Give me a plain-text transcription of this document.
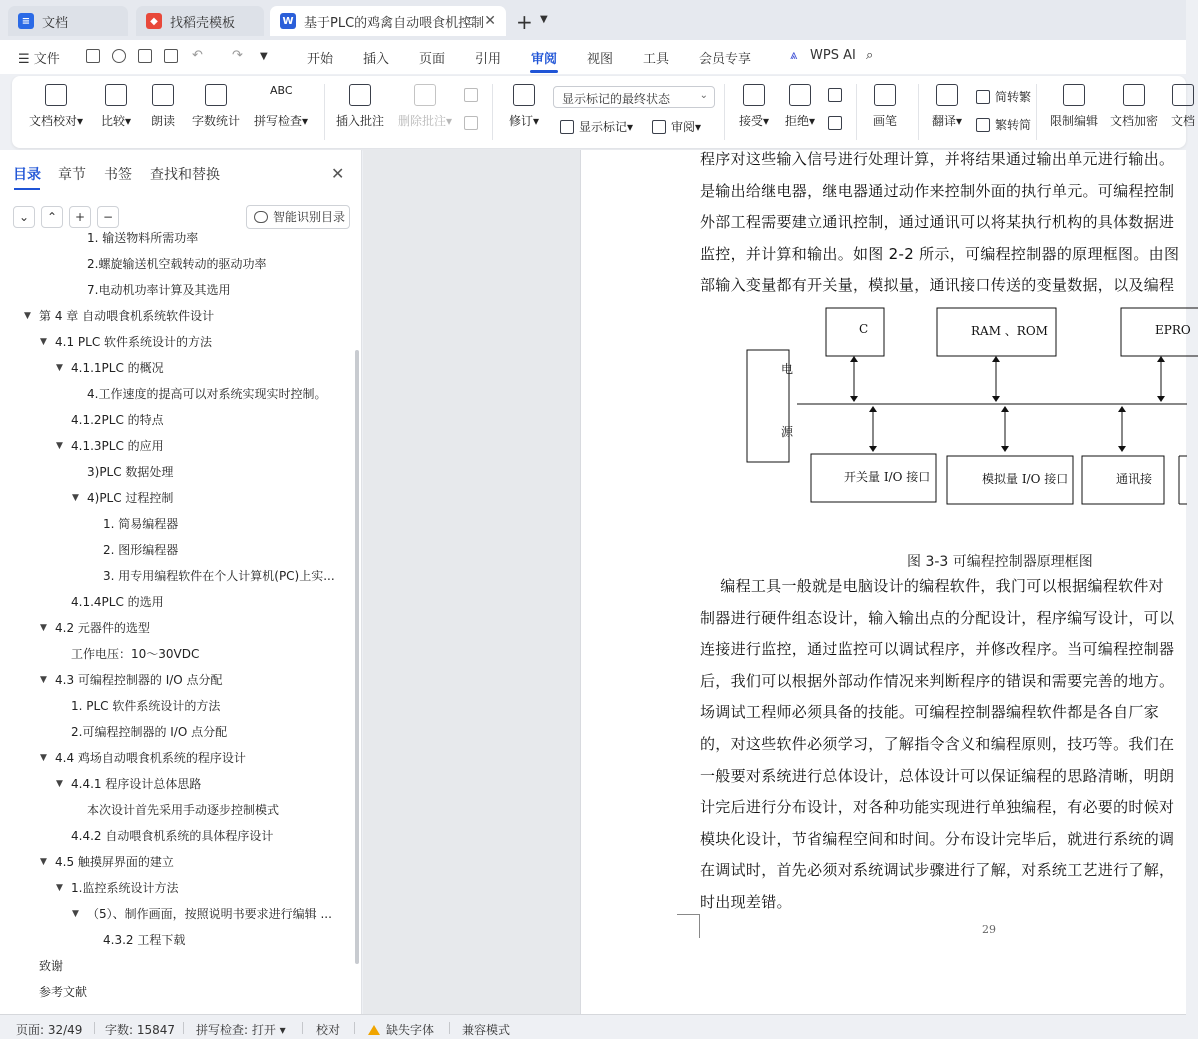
≡ 文档	◆ 找稻壳模板	W 基于PLC的鸡禽自动喂食机控制 ✕ + ▼
☰ 文件	↶ ↷ ▼	开始 插入 页面 引用 审阅 视图 工具 会员专享	⩓ WPS AI ⌕
文档校对▾	比较▾	朗读 字数统计
ABC
拼写检查▾	插入批注	删除批注▾	修订▾
显示标记的最终状态	⌄
显示标记 ▾	审阅 ▾	接受▾	拒绝▾	画笔	翻译▾
简转繁
繁转简 限制编辑 文档加密 文档
目录 章节 书签 查找和替换	✕
⌄	⌃	+	−	智能识别目录
1. 输送物料所需功率
2.螺旋输送机空载转动的驱动功率
7.电动机功率计算及其选用
▼ 第 4 章 自动喂食机系统软件设计
▼ 4.1 PLC 软件系统设计的方法
▼ 4.1.1PLC 的概况
4.工作速度的提高可以对系统实现实时控制。
4.1.2PLC 的特点
▼ 4.1.3PLC 的应用
3)PLC 数据处理
▼ 4)PLC 过程控制
1. 简易编程器
2. 图形编程器
3. 用专用编程软件在个人计算机(PC)上实...
4.1.4PLC 的选用
▼ 4.2 元器件的选型
工作电压：10～30VDC
▼ 4.3 可编程控制器的 I/O 点分配
1. PLC 软件系统设计的方法
2.可编程控制器的 I/O 点分配
▼ 4.4 鸡场自动喂食机系统的程序设计
▼ 4.4.1 程序设计总体思路
本次设计首先采用手动逐步控制模式
4.4.2 自动喂食机系统的具体程序设计
▼ 4.5 触摸屏界面的建立
▼ 1.监控系统设计方法
▼ （5）、制作画面，按照说明书要求进行编辑 ...
4.3.2 工程下载
致谢
参考文献
程序对这些输入信号进行处理计算，并将结果通过输出单元进行输出。
是输出给继电器，继电器通过动作来控制外面的执行单元。可编程控制
外部工程需要建立通讯控制，通过通讯可以将某执行机构的具体数据进
监控，并计算和输出。如图 2-2 所示，可编程控制器的原理框图。由图
部输入变量都有开关量，模拟量，通讯接口传送的变量数据，以及编程
C	RAM 、ROM	EPRO
电
源
开关量 I/O 接口	模拟量 I/O 接口	通讯接
图 3-3 可编程控制器原理框图
编程工具一般就是电脑设计的编程软件，我门可以根据编程软件对
制器进行硬件组态设计，输入输出点的分配设计，程序编写设计，可以
连接进行监控，通过监控可以调试程序，并修改程序。当可编程控制器
后，我们可以根据外部动作情况来判断程序的错误和需要完善的地方。
场调试工程师必须具备的技能。可编程控制器编程软件都是各自厂家
的，对这些软件必须学习，了解指令含义和编程原则，技巧等。我们在
一般要对系统进行总体设计，总体设计可以保证编程的思路清晰，明朗
计完后进行分布设计，对各种功能实现进行单独编程，有必要的时候对
模块化设计，节省编程空间和时间。分布设计完毕后，就进行系统的调
在调试时，首先必须对系统调试步骤进行了解，对系统工艺进行了解，
时出现差错。
29
页面: 32/49 字数: 15847 拼写检查: 打开 ▾	校对	缺失字体 兼容模式
